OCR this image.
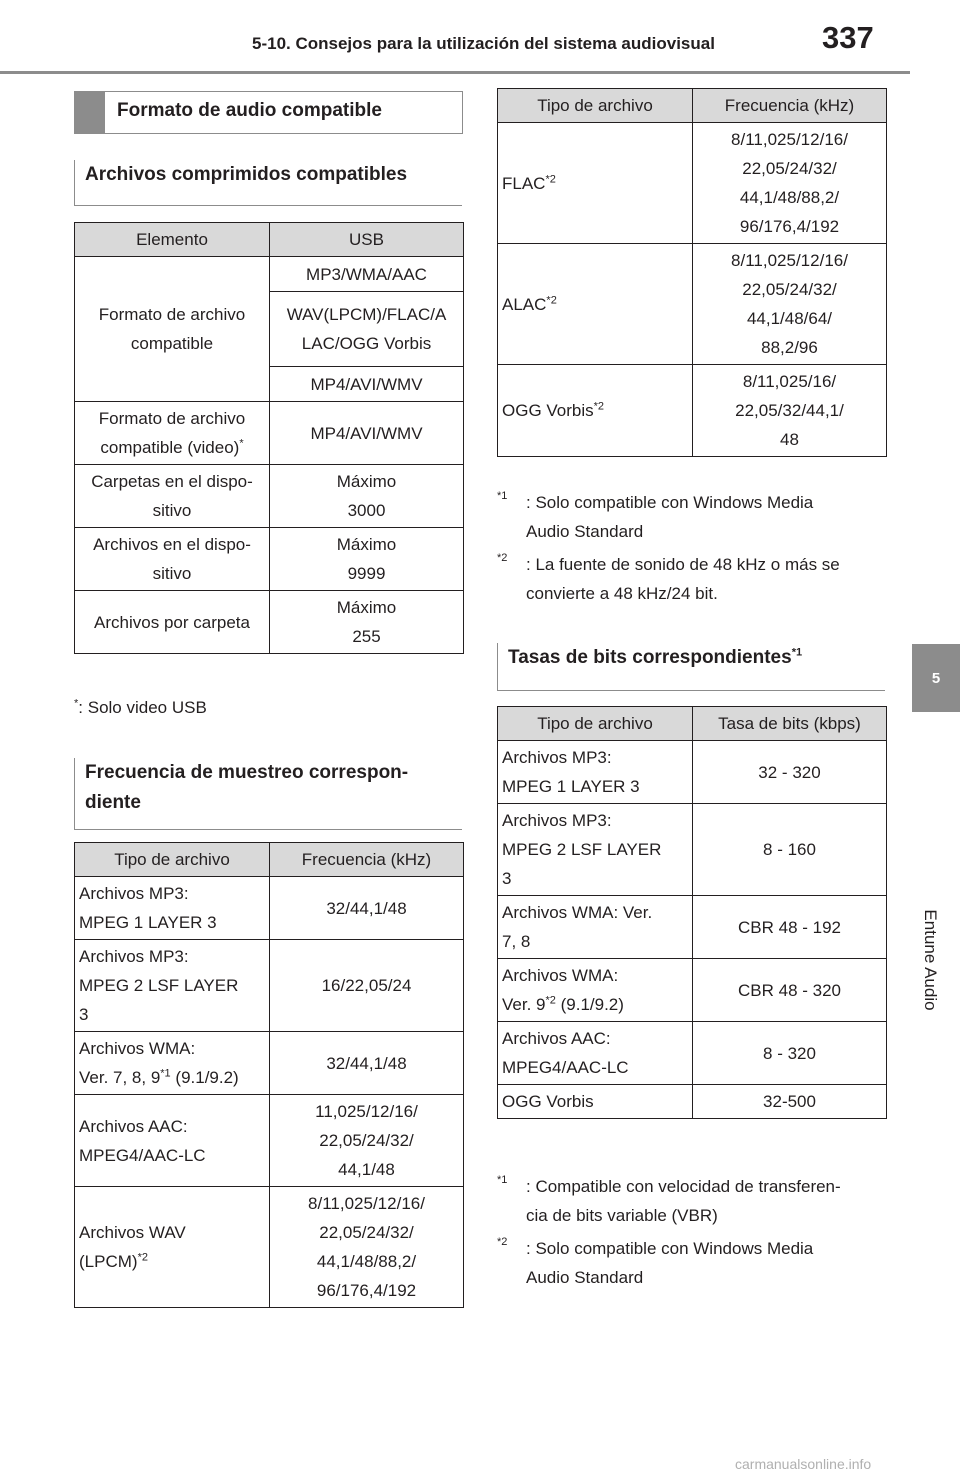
5-10. Consejos para la utilización del sistema audiovisual	337
5
Entune Audio
Formato de audio compatible
Archivos comprimidos compatibles
Elemento	USB
Formato de archivo
compatible	MP3/WMA/AAC
	WAV(LPCM)/FLAC/A
LAC/OGG Vorbis
	MP4/AVI/WMV
Formato de archivo
compatible (video)*	MP4/AVI/WMV
Carpetas en el dispo-
sitivo	Máximo
3000
Archivos en el dispo-
sitivo	Máximo
9999
Archivos por carpeta	Máximo
255
*: Solo video USB
Frecuencia de muestreo correspon-
diente
Tipo de archivo	Frecuencia (kHz)
Archivos MP3:
MPEG 1 LAYER 3	32/44,1/48
Archivos MP3:
MPEG 2 LSF LAYER
3	16/22,05/24
Archivos WMA:
Ver. 7, 8, 9$^{*1}$ (9.1/9.2)	32/44,1/48
Archivos AAC:
MPEG4/AAC-LC	11,025/12/16/
22,05/24/32/
44,1/48
Archivos WAV
(LPCM)$^{*2}$	8/11,025/12/16/
22,05/24/32/
44,1/48/88,2/
96/176,4/192
Tipo de archivo	Frecuencia (kHz)
FLAC$^{*2}$	8/11,025/12/16/
22,05/24/32/
44,1/48/88,2/
96/176,4/192
ALAC$^{*2}$	8/11,025/12/16/
22,05/24/32/
44,1/48/64/
88,2/96
OGG Vorbis$^{*2}$	8/11,025/16/
22,05/32/44,1/
48
*1 : Solo compatible con Windows Media
Audio Standard
*2 : La fuente de sonido de 48 kHz o más se
convierte a 48 kHz/24 bit.
Tasas de bits correspondientes$^{*1}$
Tipo de archivo	Tasa de bits (kbps)
Archivos MP3:
MPEG 1 LAYER 3	32 - 320
Archivos MP3:
MPEG 2 LSF LAYER
3	8 - 160
Archivos WMA: Ver.
7, 8	CBR 48 - 192
Archivos WMA:
Ver. 9$^{*2}$ (9.1/9.2)	CBR 48 - 320
Archivos AAC:
MPEG4/AAC-LC	8 - 320
OGG Vorbis	32-500
*1 : Compatible con velocidad de transferen-
cia de bits variable (VBR)
*2 : Solo compatible con Windows Media
Audio Standard
carmanualsonline.info
